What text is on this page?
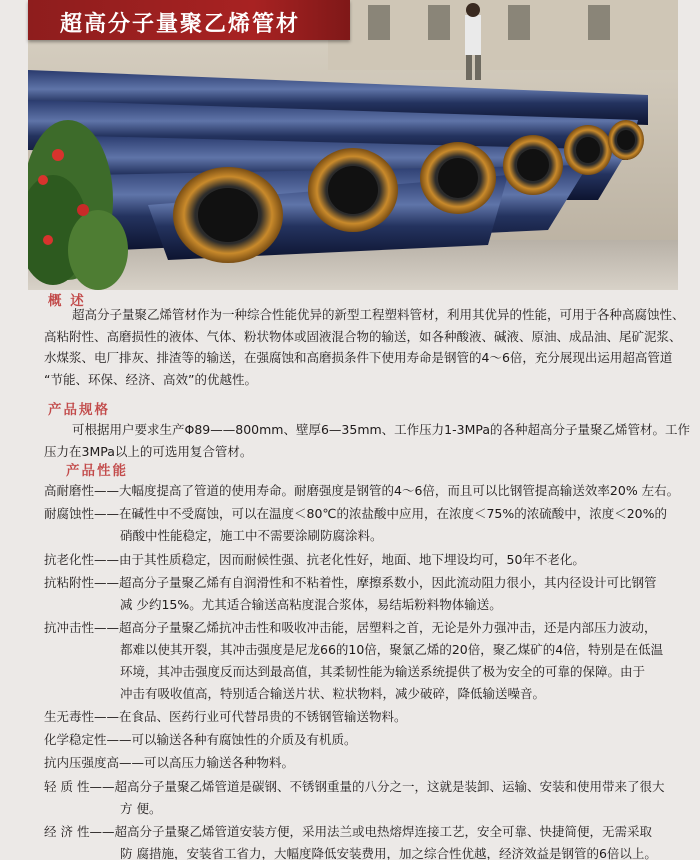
超高分子量聚乙烯管材
概 述
超高分子量聚乙烯管材作为一种综合性能优异的新型工程塑料管材，利用其优异的性能，可用于各种高腐蚀性、
高粘附性、高磨损性的液体、气体、粉状物体或固液混合物的输送，如各种酸液、碱液、原油、成品油、尾矿泥浆、
水煤浆、电厂排灰、排渣等的输送，在强腐蚀和高磨损条件下使用寿命是钢管的4～6倍，充分展现出运用超高管道
“节能、环保、经济、高效”的优越性。
产品规格
可根据用户要求生产Φ89——800mm、壁厚6—35mm、工作压力1-3MPa的各种超高分子量聚乙烯管材。工作
压力在3MPa以上的可选用复合管材。
产品性能
高耐磨性——大幅度提高了管道的使用寿命。耐磨强度是钢管的4～6倍，而且可以比钢管提高输送效率20% 左右。
耐腐蚀性——在碱性中不受腐蚀，可以在温度＜80℃的浓盐酸中应用，在浓度＜75%的浓硫酸中，浓度＜20%的
硝酸中性能稳定，施工中不需要涂刷防腐涂料。
抗老化性——由于其性质稳定，因而耐候性强、抗老化性好，地面、地下埋设均可，50年不老化。
抗粘附性——超高分子量聚乙烯有自润滑性和不粘着性，摩擦系数小，因此流动阻力很小，其内径设计可比钢管
减 少约15%。尤其适合输送高粘度混合浆体，易结垢粉料物体输送。
抗冲击性——超高分子量聚乙烯抗冲击性和吸收冲击能，居塑料之首，无论是外力强冲击，还是内部压力波动，
都难以使其开裂，其冲击强度是尼龙66的10倍，聚氯乙烯的20倍，聚乙煤矿的4倍，特别是在低温
环境，其冲击强度反而达到最高值，其柔韧性能为输送系统提供了极为安全的可靠的保障。由于
冲击有吸收值高，特别适合输送片状、粒状物料，减少破碎，降低输送噪音。
生无毒性——在食品、医药行业可代替昂贵的不锈钢管输送物料。
化学稳定性——可以输送各种有腐蚀性的介质及有机质。
抗内压强度高——可以高压力输送各种物料。
轻 质 性——超高分子量聚乙烯管道是碳钢、不锈钢重量的八分之一，这就是装卸、运输、安装和使用带来了很大
方 便。
经 济 性——超高分子量聚乙烯管道安装方便，采用法兰或电热熔焊连接工艺，安全可靠、快捷简便，无需采取
防 腐措施，安装省工省力，大幅度降低安装费用，加之综合性优越，经济效益是钢管的6倍以上。
